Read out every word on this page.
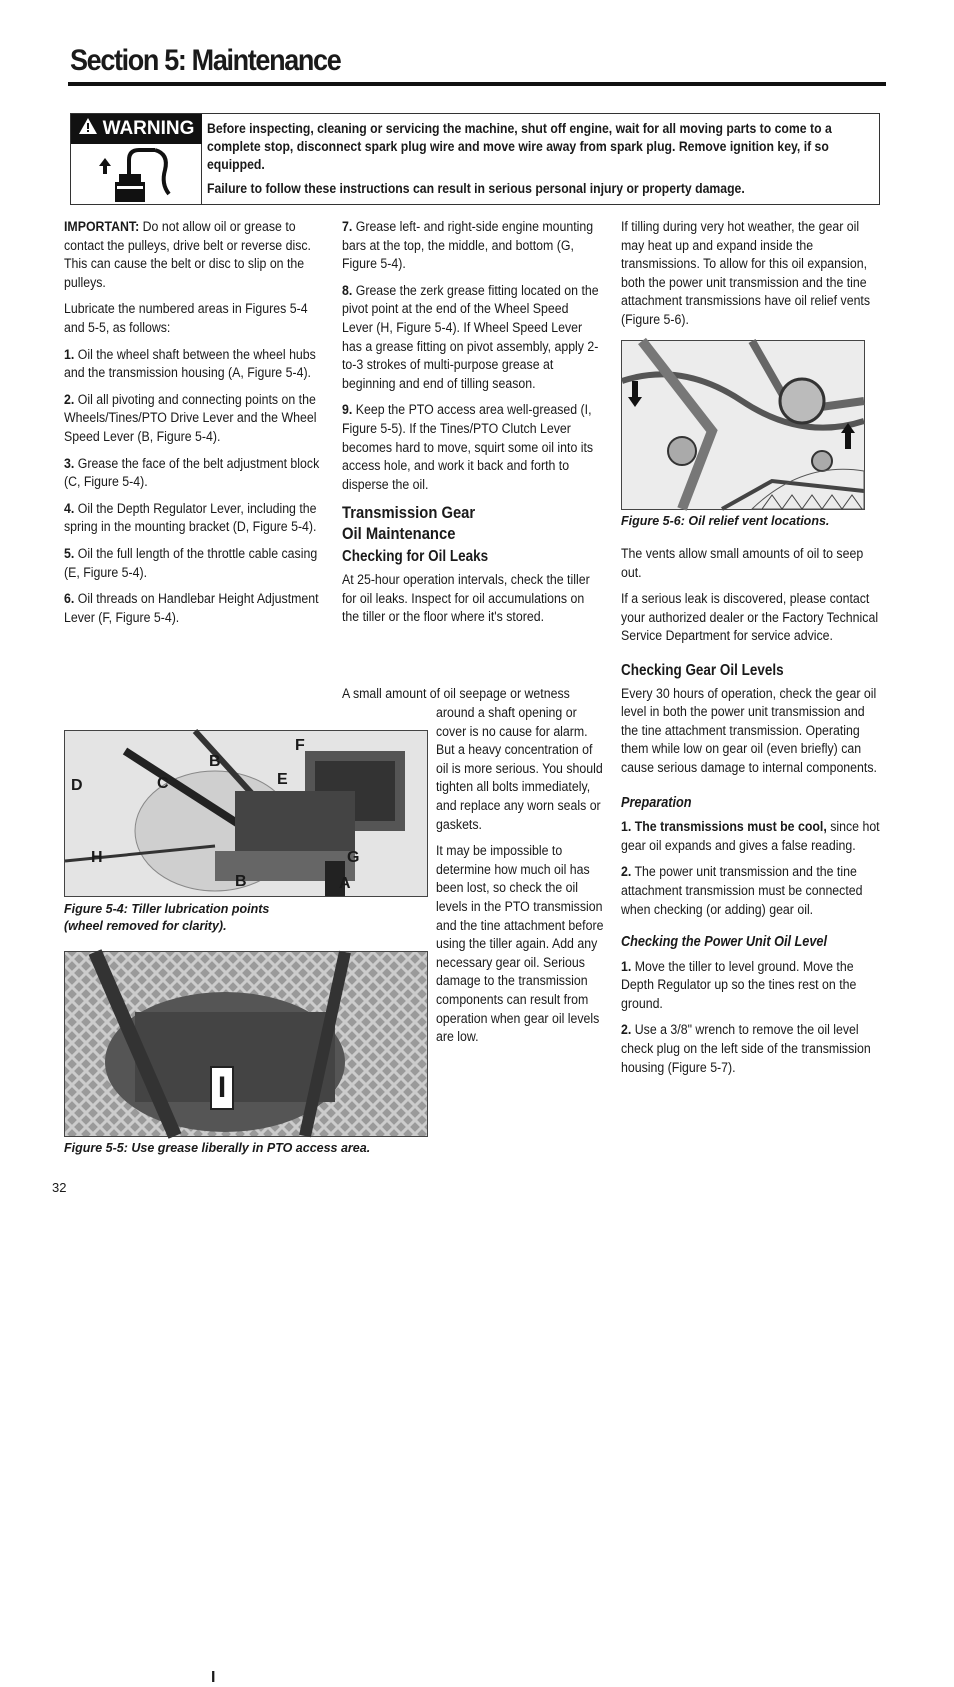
Section 5: Maintenance
WARNING Before inspecting, cleaning or servicing the machine, shut off engine, wait for all moving parts to come to a complete stop, disconnect spark plug wire and move wire away from spark plug. Remove ignition key, if so equipped.

Failure to follow these instructions can result in serious personal injury or property damage.

IMPORTANT: Do not allow oil or grease to contact the pulleys, drive belt or reverse disc. This can cause the belt or disc to slip on the pulleys.

Lubricate the numbered areas in Figures 5-4 and 5-5, as follows:

1. Oil the wheel shaft between the wheel hubs and the transmission housing (A, Figure 5-4).

2. Oil all pivoting and connecting points on the Wheels/Tines/PTO Drive Lever and the Wheel Speed Lever (B, Figure 5-4).

3. Grease the face of the belt adjustment block (C, Figure 5-4).

4. Oil the Depth Regulator Lever, including the spring in the mounting bracket (D, Figure 5-4).

5. Oil the full length of the throttle cable casing (E, Figure 5-4).

6. Oil threads on Handlebar Height Adjustment Lever (F, Figure 5-4).

7. Grease left- and right-side engine mounting bars at the top, the middle, and bottom (G, Figure 5-4).

8. Grease the zerk grease fitting located on the pivot point at the end of the Wheel Speed Lever (H, Figure 5-4). If Wheel Speed Lever has a grease fitting on pivot assembly, apply 2-to-3 strokes of multi-purpose grease at beginning and end of tilling season.

9. Keep the PTO access area well-greased (I, Figure 5-5). If the Tines/PTO Clutch Lever becomes hard to move, squirt some oil into its access hole, and work it back and forth to disperse the oil.

Transmission Gear Oil Maintenance
Checking for Oil Leaks

At 25-hour operation intervals, check the tiller for oil leaks. Inspect for oil accumulations on the tiller or the floor where it's stored.

A small amount of oil seepage or wetness

around a shaft opening or cover is no cause for alarm. But a heavy concentration of oil is more serious. You should tighten all bolts immediately, and replace any worn seals or gaskets.

It may be impossible to determine how much oil has been lost, so check the oil levels in the PTO transmission and the tine attachment before using the tiller again. Add any necessary gear oil. Serious damage to the transmission components can result from operation when gear oil levels are low.

If tilling during very hot weather, the gear oil may heat up and expand inside the transmissions. To allow for this oil expansion, both the power unit transmission and the tine attachment transmissions have oil relief vents (Figure 5-6).

Figure 5-6: Oil relief vent locations.

The vents allow small amounts of oil to seep out.

If a serious leak is discovered, please contact your authorized dealer or the Factory Technical Service Department for service advice.

Checking Gear Oil Levels

Every 30 hours of operation, check the gear oil level in both the power unit transmission and the tine attachment transmission. Operating them while low on gear oil (even briefly) can cause serious damage to internal components.

Preparation

1. The transmissions must be cool, since hot gear oil expands and gives a false reading.

2. The power unit transmission and the tine attachment transmission must be connected when checking (or adding) gear oil.

Checking the Power Unit Oil Level

1. Move the tiller to level ground. Move the Depth Regulator up so the tines rest on the ground.

2. Use a 3/8" wrench to remove the oil level check plug on the left side of the transmission housing (Figure 5-7).

F
B
D	C	E
H	G
B	A
Figure 5-4: Tiller lubrication points
(wheel removed for clarity).
I
I
Figure 5-5: Use grease liberally in PTO access area.
32
